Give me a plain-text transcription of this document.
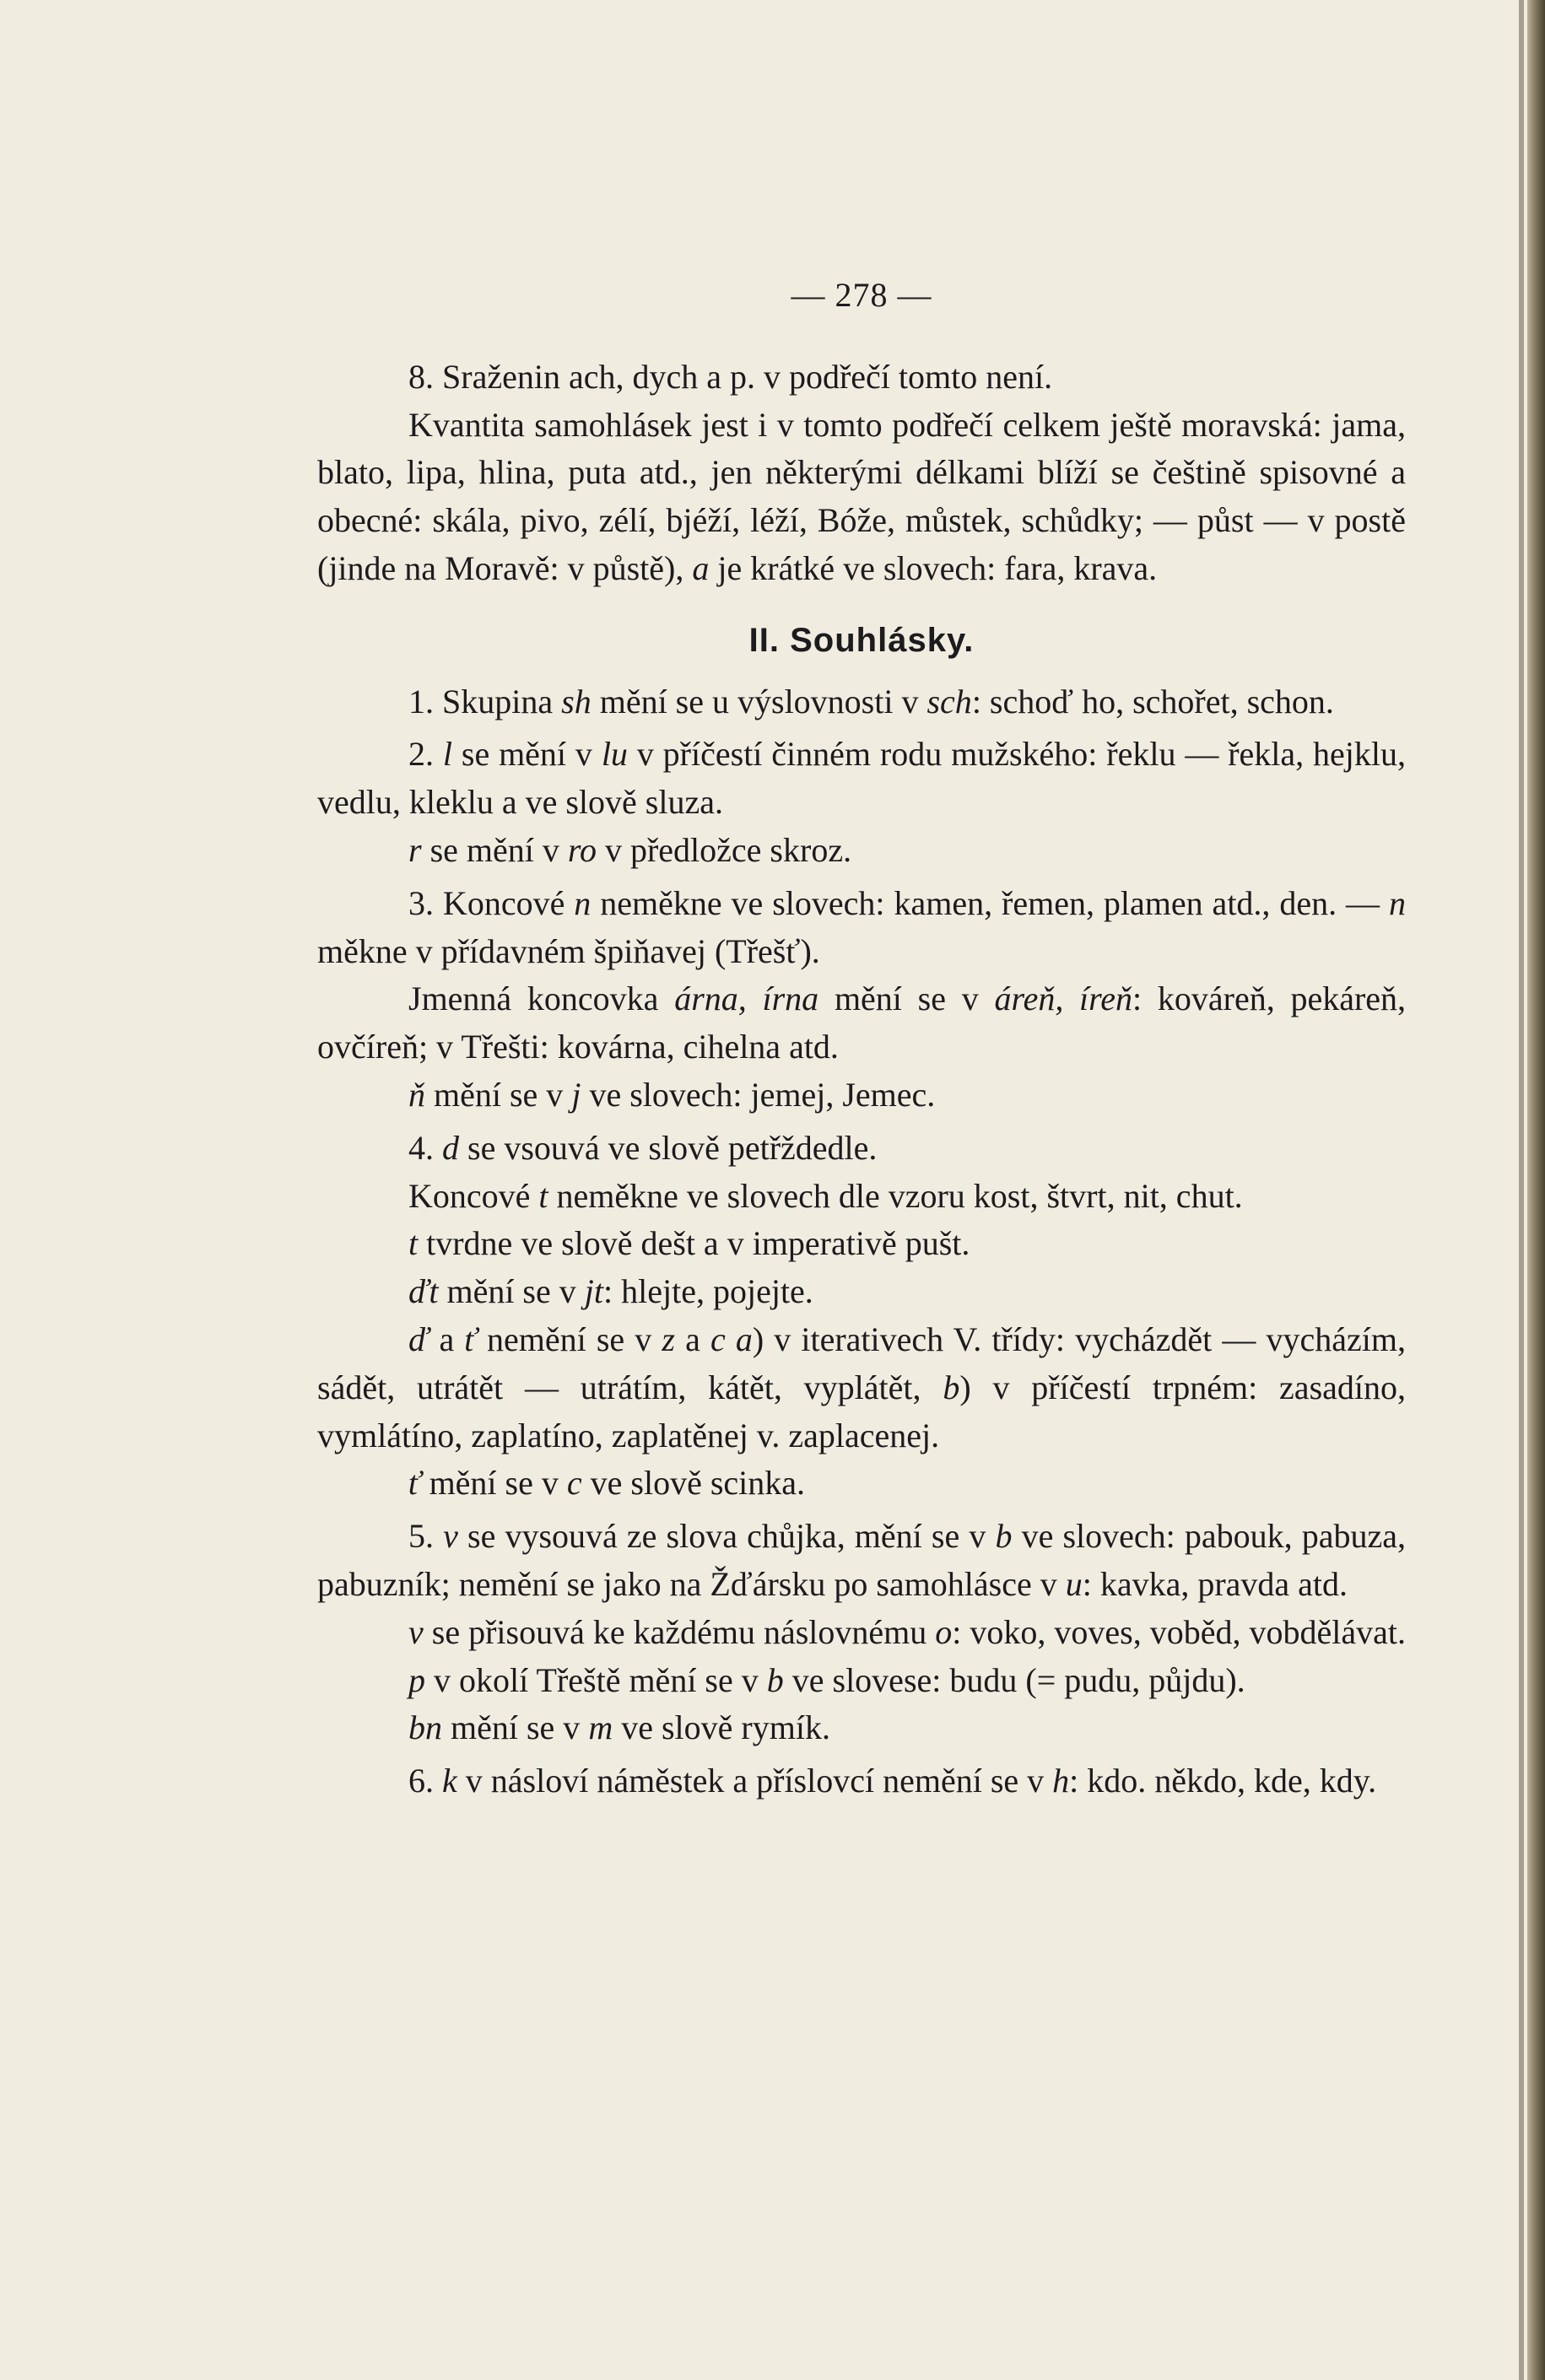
— 278 —

8. Sraženin ach, dych a p. v podřečí tomto není.

Kvantita samohlásek jest i v tomto podřečí celkem ještě moravská: jama, blato, lipa, hlina, puta atd., jen některými délkami blíží se češtině spisovné a obecné: skála, pivo, zélí, bjéží, léží, Bóže, můstek, schůdky; — půst — v postě (jinde na Moravě: v půstě), a je krátké ve slovech: fara, krava.

II. Souhlásky.

1. Skupina sh mění se u výslovnosti v sch: schoď ho, schořet, schon.

2. l se mění v lu v příčestí činném rodu mužského: řeklu — řekla, hejklu, vedlu, kleklu a ve slově sluza.

r se mění v ro v předložce skroz.

3. Koncové n neměkne ve slovech: kamen, řemen, plamen atd., den. — n měkne v přídavném špiňavej (Třešť).

Jmenná koncovka árna, írna mění se v áreň, íreň: kováreň, pekáreň, ovčíreň; v Třešti: kovárna, cihelna atd.

ň mění se v j ve slovech: jemej, Jemec.

4. d se vsouvá ve slově petřždedle.

Koncové t neměkne ve slovech dle vzoru kost, štvrt, nit, chut.

t tvrdne ve slově dešt a v imperativě pušt.

ďt mění se v jt: hlejte, pojejte.

ď a ť nemění se v z a c a) v iterativech V. třídy: vycházdět — vycházím, sádět, utrátět — utrátím, kátět, vyplátět, b) v příčestí trpném: zasadíno, vymlátíno, zaplatíno, zaplatěnej v. zaplacenej.

ť mění se v c ve slově scinka.

5. v se vysouvá ze slova chůjka, mění se v b ve slovech: pabouk, pabuza, pabuzník; nemění se jako na Žďársku po samohlásce v u: kavka, pravda atd.

v se přisouvá ke každému náslovnému o: voko, voves, voběd, vobdělávat.

p v okolí Třeště mění se v b ve slovese: budu (= pudu, půjdu).

bn mění se v m ve slově rymík.

6. k v násloví náměstek a příslovcí nemění se v h: kdo. někdo, kde, kdy.
